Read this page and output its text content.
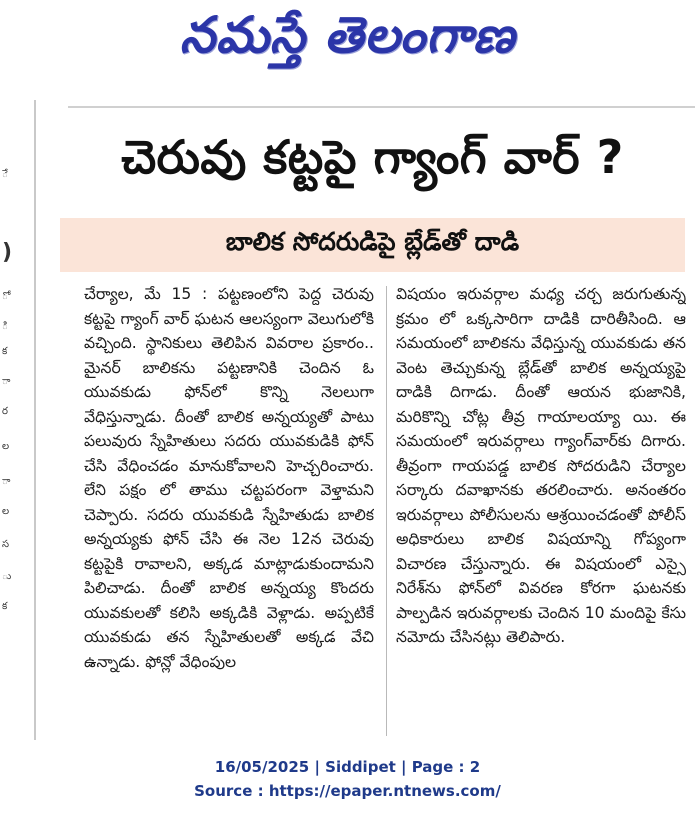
నమస్తే తెలంగాణ
ే
)
ో
ి
క
ా
ర
ల
ా
ల
స
ు
క
చెరువు కట్టపై గ్యాంగ్ వార్ ?
బాలిక సోదరుడిపై బ్లేడ్‌తో దాడి
చేర్యాల, మే 15 : పట్టణంలోని పెద్ద చెరువు కట్టపై గ్యాంగ్ వార్ ఘటన ఆలస్యంగా వెలుగులోకి వచ్చింది. స్థానికులు తెలిపిన వివరాల ప్రకారం.. మైనర్ బాలికను పట్టణానికి చెందిన ఓ యువకుడు ఫోన్‌లో కొన్ని నెలలుగా వేధిస్తున్నాడు. దీంతో బాలిక అన్నయ్యతో పాటు పలువురు స్నేహితులు సదరు యువకుడికి ఫోన్ చేసి వేధించడం మానుకోవాలని హెచ్చరించారు. లేని పక్షం లో తాము చట్టపరంగా వెళ్తామని చెప్పారు. సదరు యువకుడి స్నేహితుడు బాలిక అన్నయ్యకు ఫోన్ చేసి ఈ నెల 12న చెరువు కట్టపైకి రావాలని, అక్కడ మాట్లాడుకుందామని పిలిచాడు. దీంతో బాలిక అన్నయ్య కొందరు యువకులతో కలిసి అక్కడికి వెళ్లాడు. అప్పటికే యువకుడు తన స్నేహితులతో అక్కడ వేచి ఉన్నాడు. ఫోన్లో వేధింపుల
విషయం ఇరువర్గాల మధ్య చర్చ జరుగుతున్న క్రమం లో ఒక్కసారిగా దాడికి దారితీసింది. ఆ సమయంలో బాలికను వేధిస్తున్న యువకుడు తన వెంట తెచ్చుకున్న బ్లేడ్‌తో బాలిక అన్నయ్యపై దాడికి దిగాడు. దీంతో ఆయన భుజానికి, మరికొన్ని చోట్ల తీవ్ర గాయాలయ్యా యి. ఈ సమయంలో ఇరువర్గాలు గ్యాంగ్‌వార్‌కు దిగారు. తీవ్రంగా గాయపడ్డ బాలిక సోదరుడిని చేర్యాల సర్కారు దవాఖానకు తరలించారు. అనంతరం ఇరువర్గాలు పోలీసులను ఆశ్రయించడంతో పోలీస్ అధికారులు బాలిక విషయాన్ని గోప్యంగా విచారణ చేస్తున్నారు. ఈ విషయంలో ఎస్సై నిరేశ్‌ను ఫోన్‌లో వివరణ కోరగా ఘటనకు పాల్పడిన ఇరువర్గాలకు చెందిన 10 మందిపై కేసు నమోదు చేసినట్లు తెలిపారు.
16/05/2025 | Siddipet | Page : 2
Source : https://epaper.ntnews.com/
